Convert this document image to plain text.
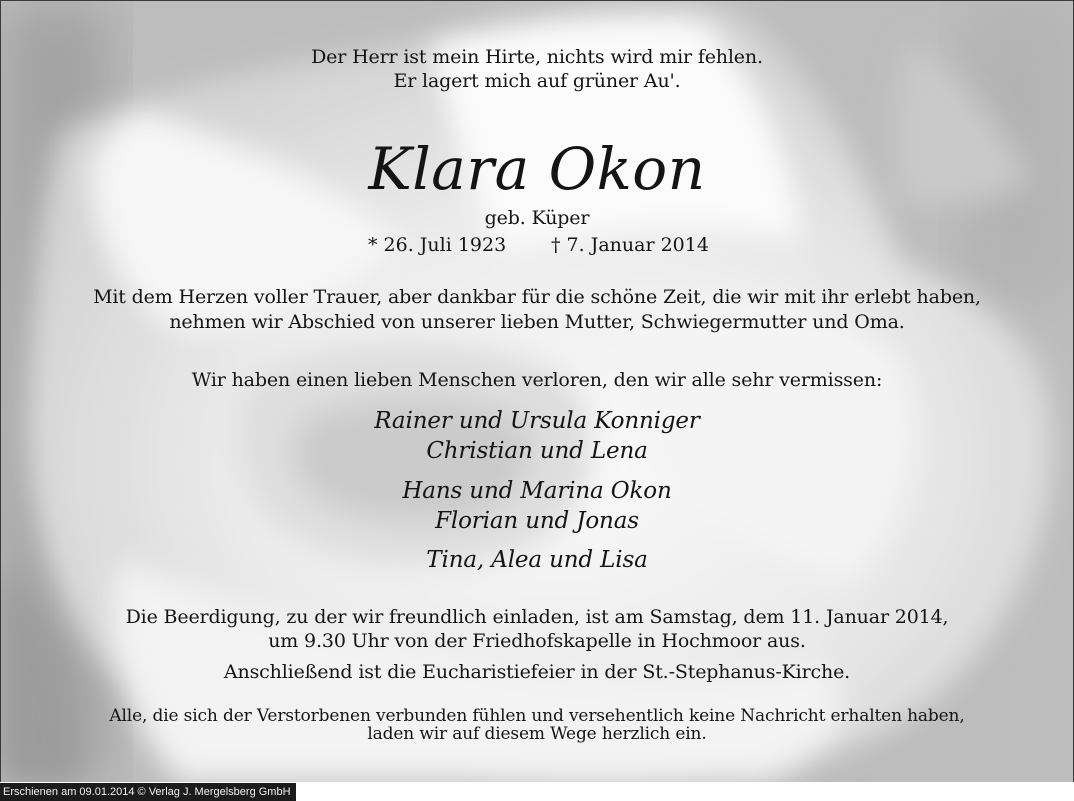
Der Herr ist mein Hirte, nichts wird mir fehlen.
Er lagert mich auf grüner Au'.
Klara Okon
geb. Küper
* 26. Juli 1923 † 7. Januar 2014
Mit dem Herzen voller Trauer, aber dankbar für die schöne Zeit, die wir mit ihr erlebt haben,
nehmen wir Abschied von unserer lieben Mutter, Schwiegermutter und Oma.
Wir haben einen lieben Menschen verloren, den wir alle sehr vermissen:
Rainer und Ursula Konniger
Christian und Lena
Hans und Marina Okon
Florian und Jonas
Tina, Alea und Lisa
Die Beerdigung, zu der wir freundlich einladen, ist am Samstag, dem 11. Januar 2014,
um 9.30 Uhr von der Friedhofskapelle in Hochmoor aus.
Anschließend ist die Eucharistiefeier in der St.-Stephanus-Kirche.
Alle, die sich der Verstorbenen verbunden fühlen und versehentlich keine Nachricht erhalten haben,
laden wir auf diesem Wege herzlich ein.
Erschienen am 09.01.2014 © Verlag J. Mergelsberg GmbH
